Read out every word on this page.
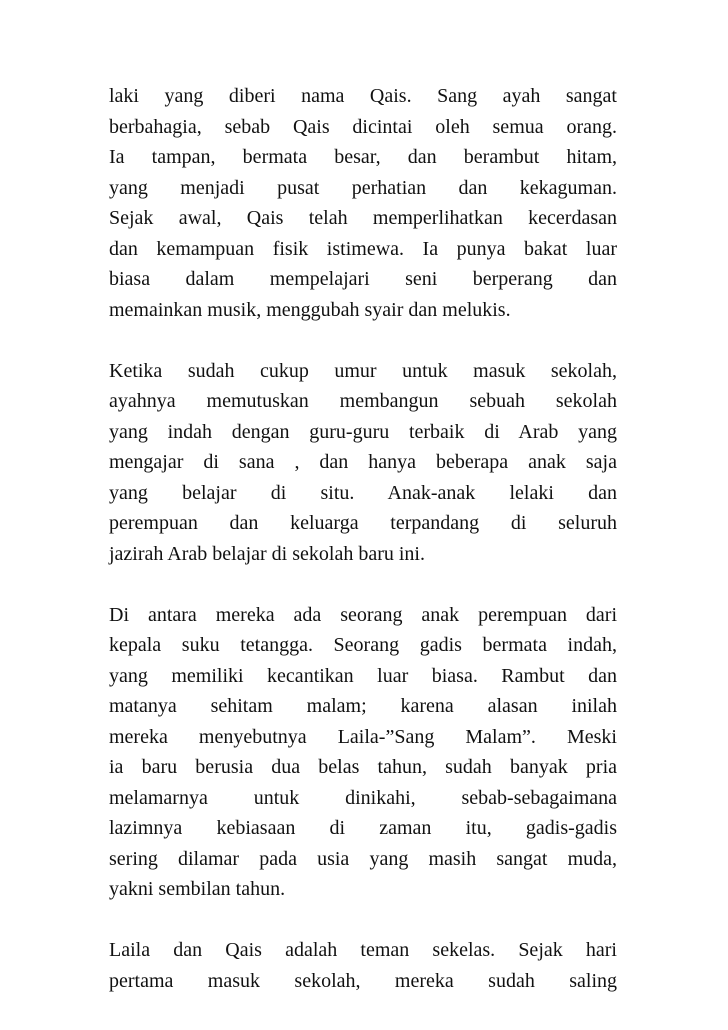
laki yang diberi nama Qais. Sang ayah sangat
berbahagia, sebab Qais dicintai oleh semua orang.
Ia tampan, bermata besar, dan berambut hitam,
yang menjadi pusat perhatian dan kekaguman.
Sejak awal, Qais telah memperlihatkan kecerdasan
dan kemampuan fisik istimewa. Ia punya bakat luar
biasa dalam mempelajari seni berperang dan
memainkan musik, menggubah syair dan melukis.

Ketika sudah cukup umur untuk masuk sekolah,
ayahnya memutuskan membangun sebuah sekolah
yang indah dengan guru-guru terbaik di Arab yang
mengajar di sana , dan hanya beberapa anak saja
yang belajar di situ. Anak-anak lelaki dan
perempuan dan keluarga terpandang di seluruh
jazirah Arab belajar di sekolah baru ini.

Di antara mereka ada seorang anak perempuan dari
kepala suku tetangga. Seorang gadis bermata indah,
yang memiliki kecantikan luar biasa. Rambut dan
matanya sehitam malam; karena alasan inilah
mereka menyebutnya Laila-”Sang Malam”. Meski
ia baru berusia dua belas tahun, sudah banyak pria
melamarnya untuk dinikahi, sebab-sebagaimana
lazimnya kebiasaan di zaman itu, gadis-gadis
sering dilamar pada usia yang masih sangat muda,
yakni sembilan tahun.

Laila dan Qais adalah teman sekelas. Sejak hari
pertama masuk sekolah, mereka sudah saling
